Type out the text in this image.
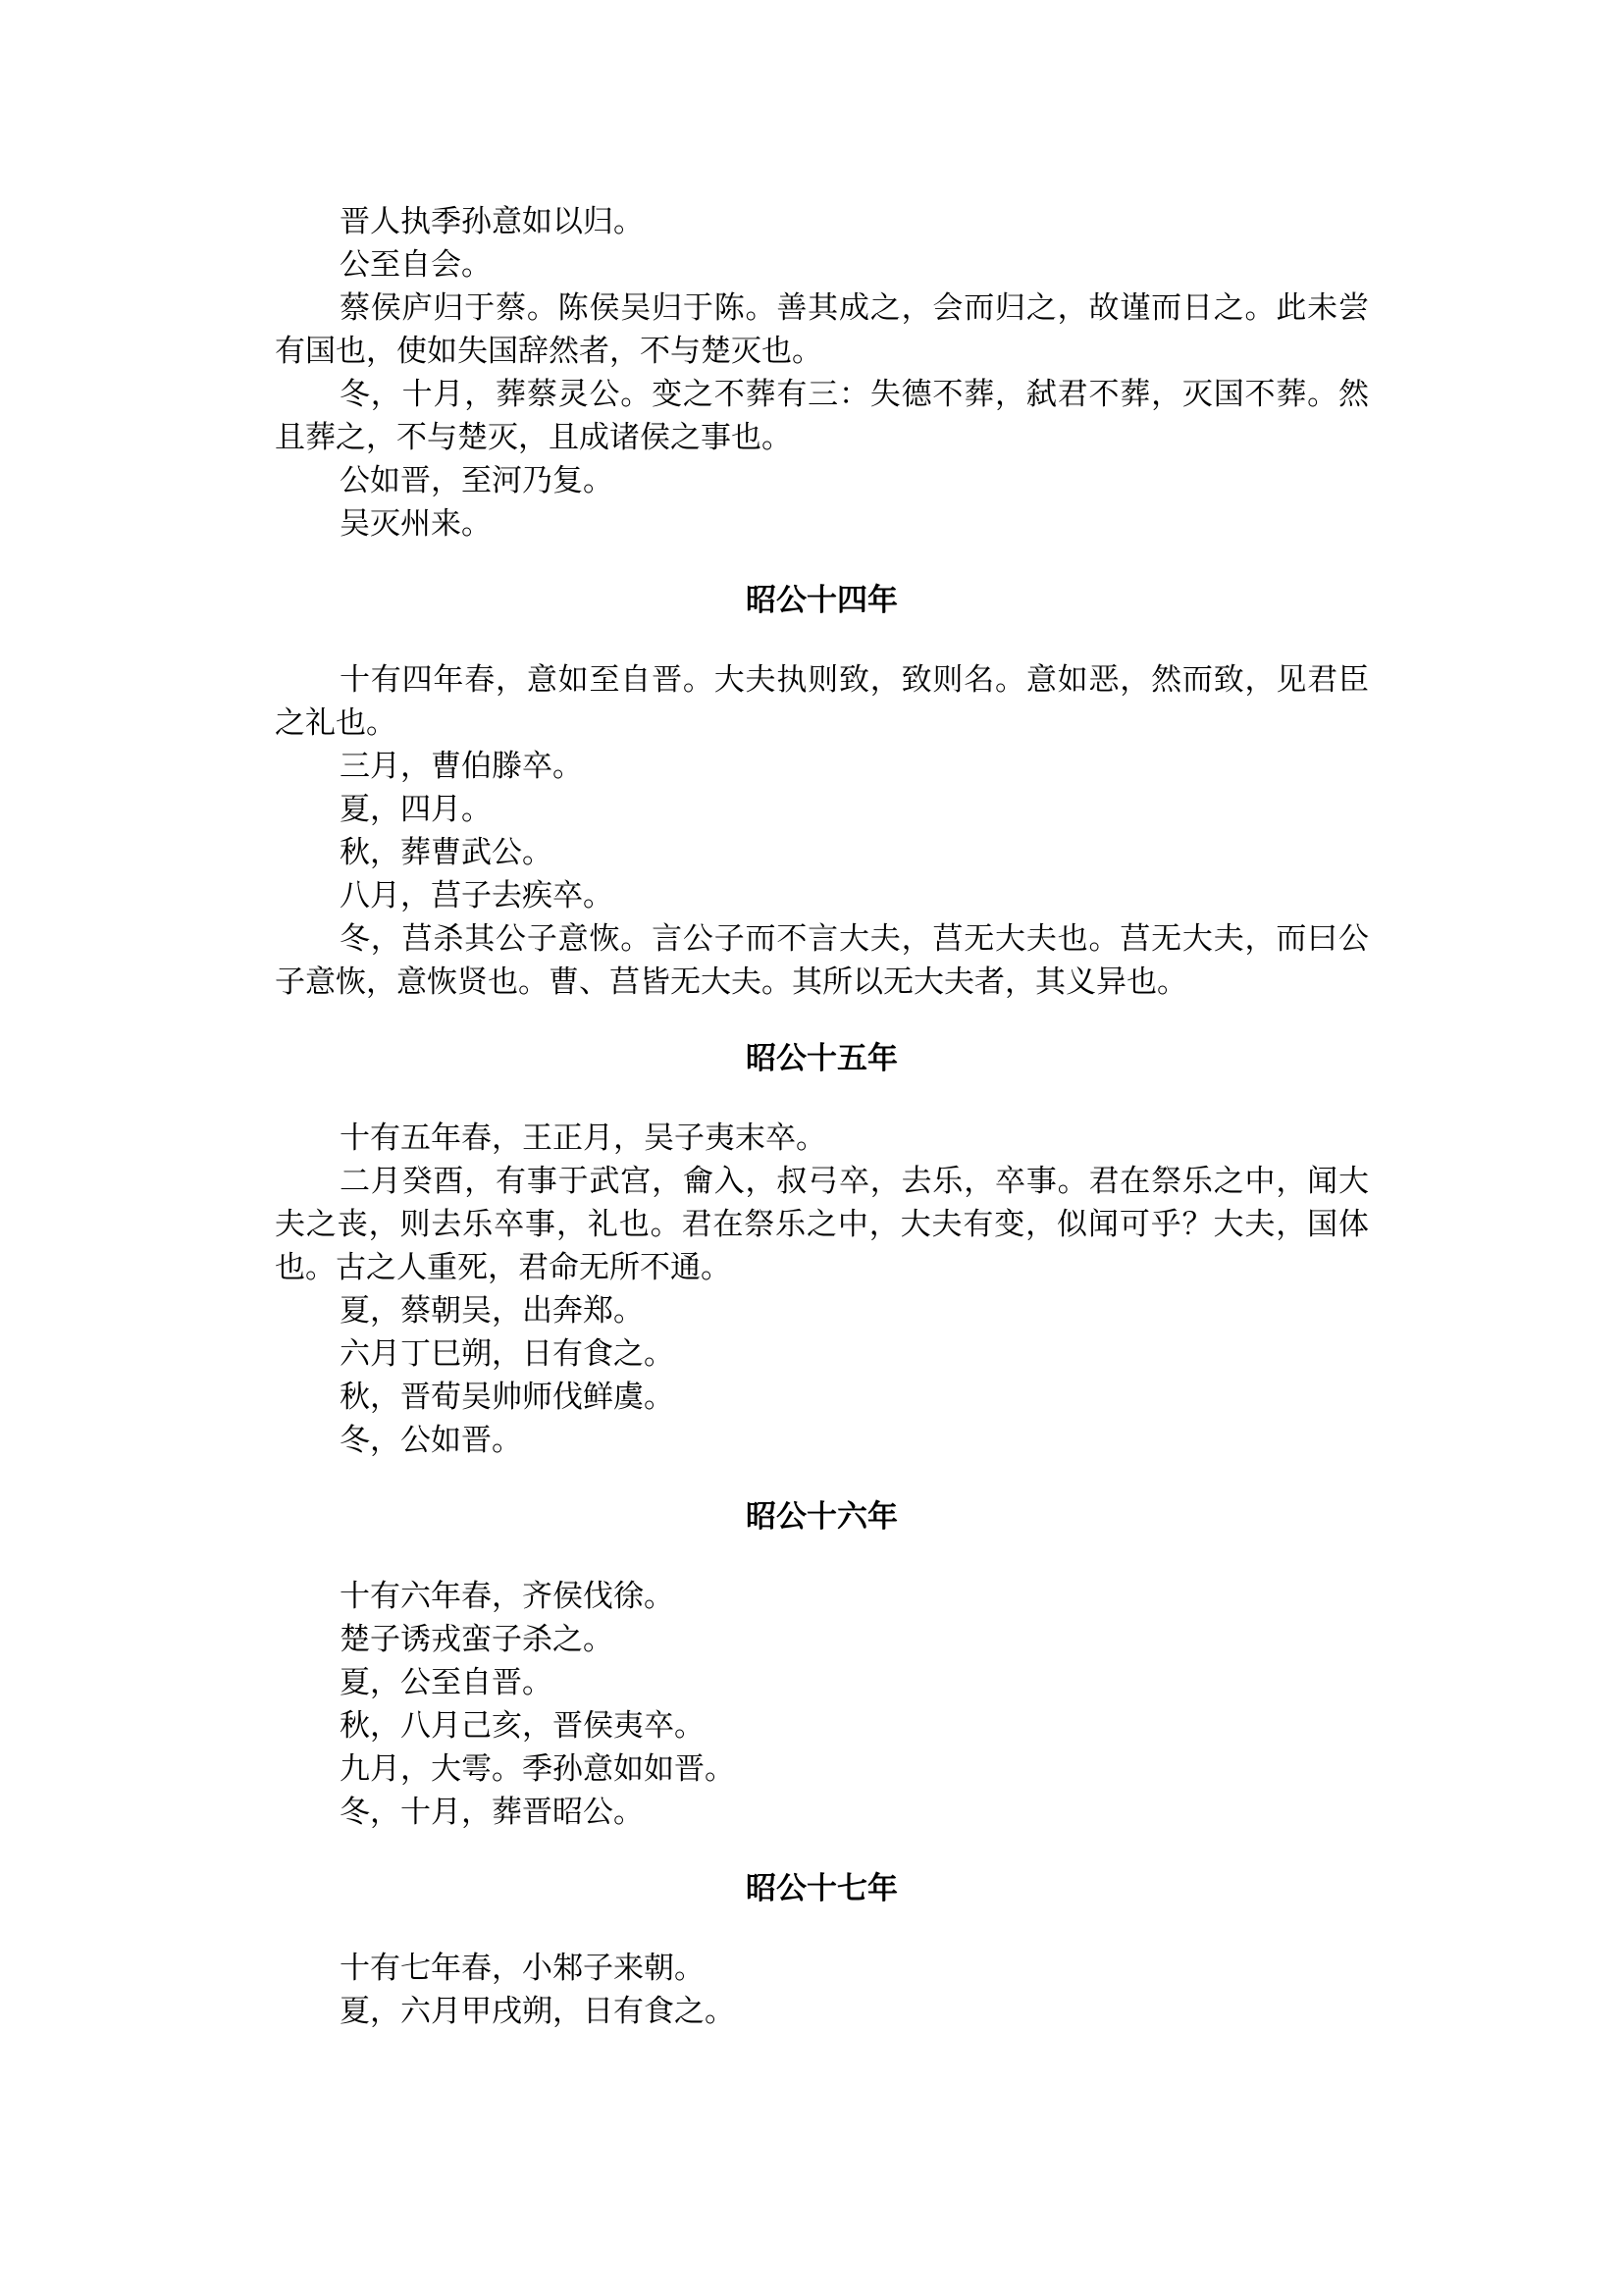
晋人执季孙意如以归。

公至自会。

蔡侯庐归于蔡。陈侯吴归于陈。善其成之，会而归之，故谨而日之。此未尝有国也，使如失国辞然者，不与楚灭也。

冬，十月，葬蔡灵公。变之不葬有三：失德不葬，弑君不葬，灭国不葬。然且葬之，不与楚灭，且成诸侯之事也。

公如晋，至河乃复。

吴灭州来。

昭公十四年

十有四年春，意如至自晋。大夫执则致，致则名。意如恶，然而致，见君臣之礼也。

三月，曹伯滕卒。

夏，四月。

秋，葬曹武公。

八月，莒子去疾卒。

冬，莒杀其公子意恢。言公子而不言大夫，莒无大夫也。莒无大夫，而曰公子意恢，意恢贤也。曹、莒皆无大夫。其所以无大夫者，其义异也。

昭公十五年

十有五年春，王正月，吴子夷末卒。

二月癸酉，有事于武宫，龠入，叔弓卒，去乐，卒事。君在祭乐之中，闻大夫之丧，则去乐卒事，礼也。君在祭乐之中，大夫有变，似闻可乎？大夫，国体也。古之人重死，君命无所不通。

夏，蔡朝吴，出奔郑。

六月丁巳朔，日有食之。

秋，晋荀吴帅师伐鲜虞。

冬，公如晋。

昭公十六年

十有六年春，齐侯伐徐。

楚子诱戎蛮子杀之。

夏，公至自晋。

秋，八月己亥，晋侯夷卒。

九月，大雩。季孙意如如晋。

冬，十月，葬晋昭公。

昭公十七年

十有七年春，小邾子来朝。

夏，六月甲戌朔，日有食之。
